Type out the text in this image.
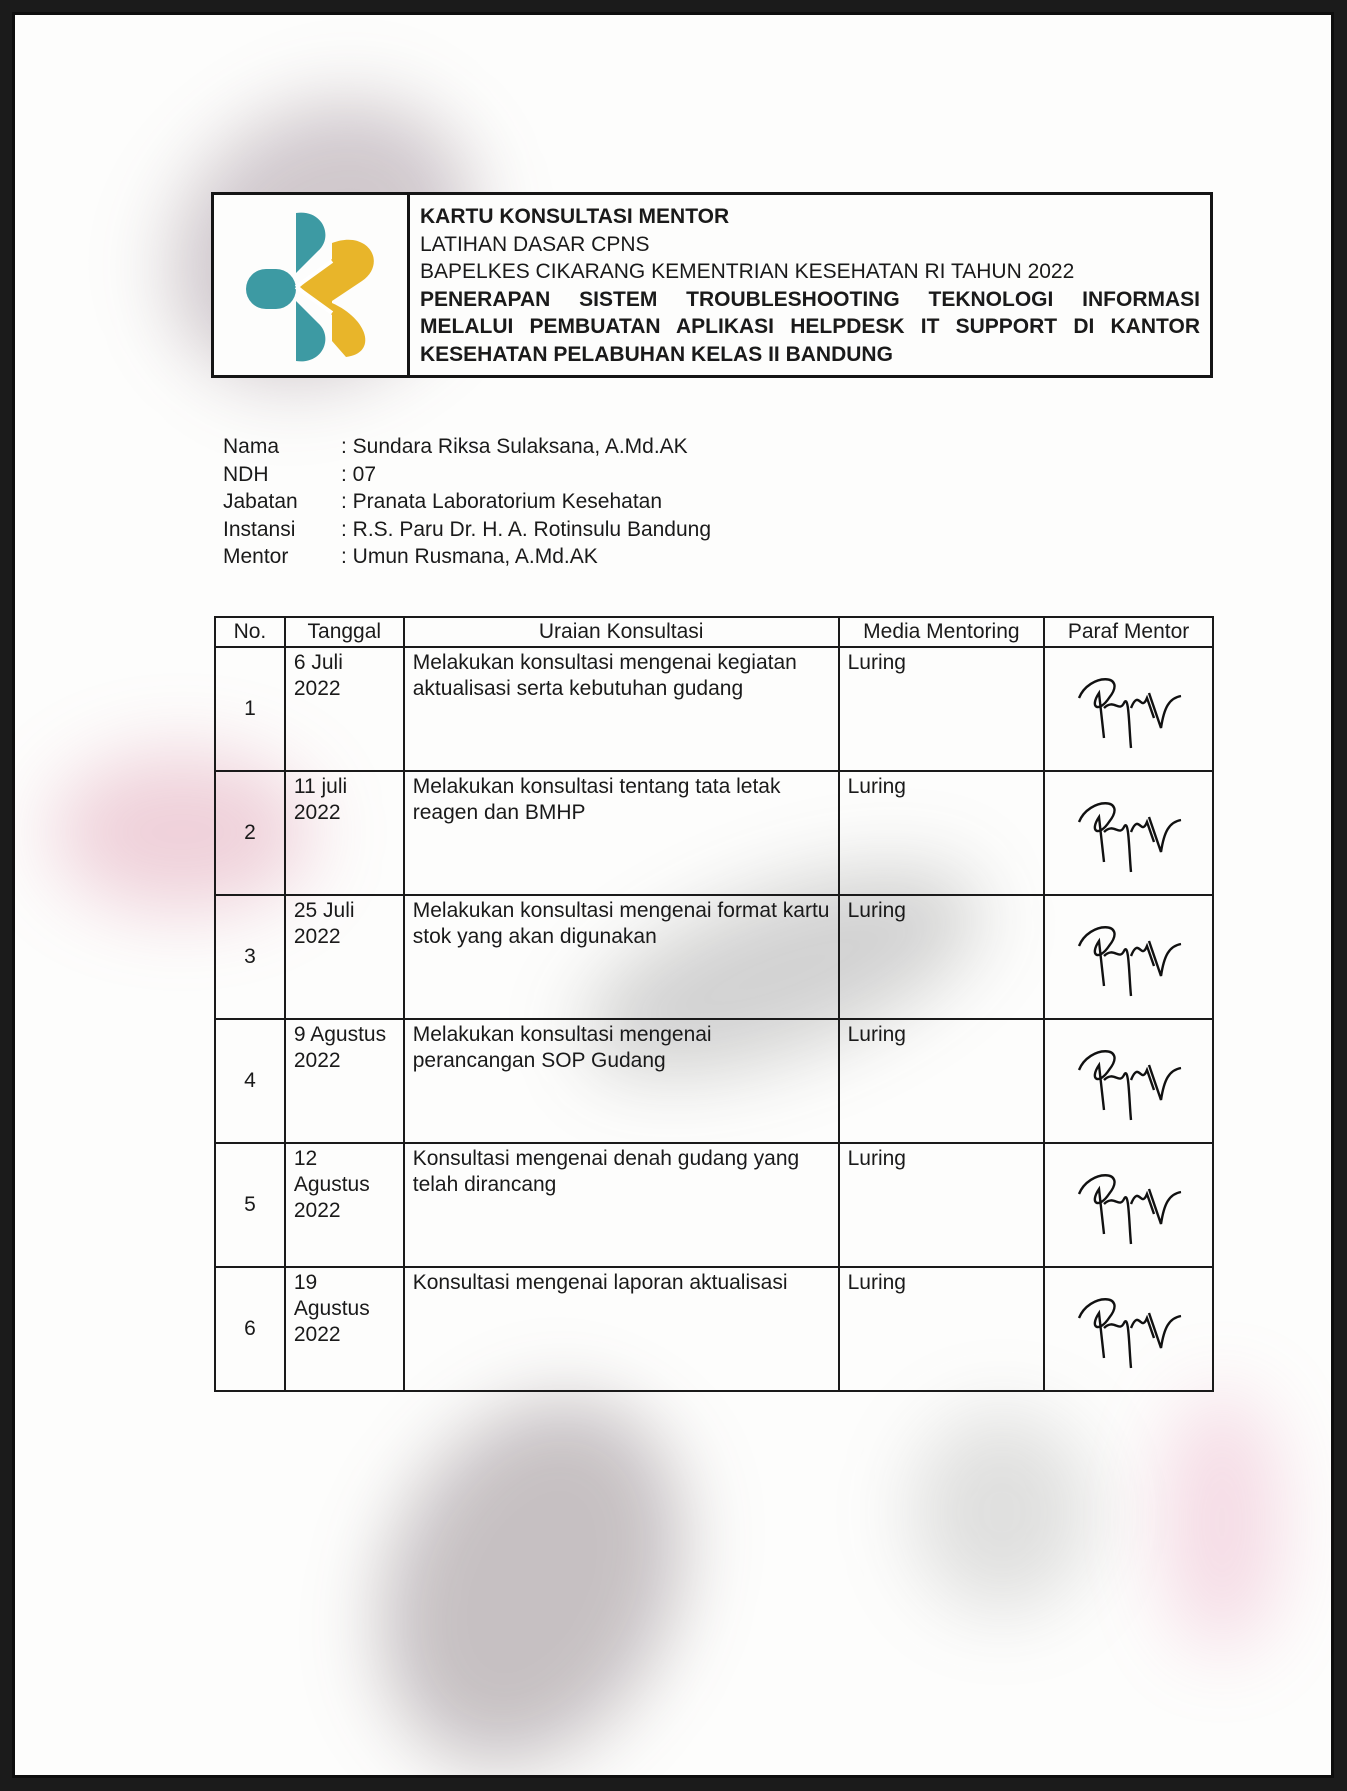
KARTU KONSULTASI MENTOR
LATIHAN DASAR CPNS
BAPELKES CIKARANG KEMENTRIAN KESEHATAN RI TAHUN 2022
PENERAPAN SISTEM TROUBLESHOOTING TEKNOLOGI INFORMASI
MELALUI PEMBUATAN APLIKASI HELPDESK IT SUPPORT DI KANTOR
KESEHATAN PELABUHAN KELAS II BANDUNG
Nama	: Sundara Riksa Sulaksana, A.Md.AK
NDH	: 07
Jabatan	: Pranata Laboratorium Kesehatan
Instansi	: R.S. Paru Dr. H. A. Rotinsulu Bandung
Mentor	: Umun Rusmana, A.Md.AK
No.	Tanggal	Uraian Konsultasi	Media Mentoring	Paraf Mentor
1	6 Juli 2022	Melakukan konsultasi mengenai kegiatan aktualisasi serta kebutuhan gudang	Luring	

2	11 juli 2022	Melakukan konsultasi tentang tata letak reagen dan BMHP	Luring	

3	25 Juli 2022	Melakukan konsultasi mengenai format kartu stok yang akan digunakan	Luring	

4	9 Agustus 2022	Melakukan konsultasi mengenai perancangan SOP Gudang	Luring	

5	12 Agustus 2022	Konsultasi mengenai denah gudang yang telah dirancang	Luring	

6	19 Agustus 2022	Konsultasi mengenai laporan aktualisasi	Luring	
